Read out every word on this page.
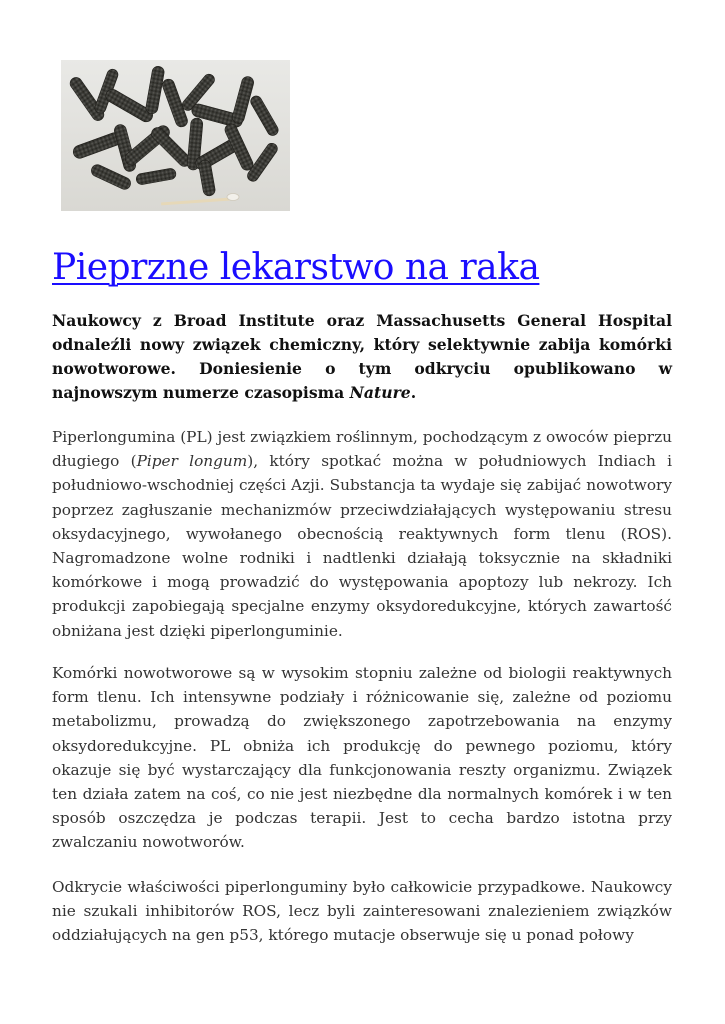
Pieprzne lekarstwo na raka

Naukowcy z Broad Institute oraz Massachusetts General Hospital odnaleźli nowy związek chemiczny, który selektywnie zabija komórki nowotworowe. Doniesienie o tym odkryciu opublikowano w najnowszym numerze czasopisma Nature.

Piperlongumina (PL) jest związkiem roślinnym, pochodzącym z owoców pieprzu długiego (Piper longum), który spotkać można w południowych Indiach i południowo-wschodniej części Azji. Substancja ta wydaje się zabijać nowotwory poprzez zagłuszanie mechanizmów przeciwdziałających występowaniu stresu oksydacyjnego, wywołanego obecnością reaktywnych form tlenu (ROS). Nagromadzone wolne rodniki i nadtlenki działają toksycznie na składniki komórkowe i mogą prowadzić do występowania apoptozy lub nekrozy. Ich produkcji zapobiegają specjalne enzymy oksydoredukcyjne, których zawartość obniżana jest dzięki piperlonguminie.

Komórki nowotworowe są w wysokim stopniu zależne od biologii reaktywnych form tlenu. Ich intensywne podziały i różnicowanie się, zależne od poziomu metabolizmu, prowadzą do zwiększonego zapotrzebowania na enzymy oksydoredukcyjne. PL obniża ich produkcję do pewnego poziomu, który okazuje się być wystarczający dla funkcjonowania reszty organizmu. Związek ten działa zatem na coś, co nie jest niezbędne dla normalnych komórek i w ten sposób oszczędza je podczas terapii. Jest to cecha bardzo istotna przy zwalczaniu nowotworów.

Odkrycie właściwości piperlonguminy było całkowicie przypadkowe. Naukowcy nie szukali inhibitorów ROS, lecz byli zainteresowani znalezieniem związków oddziałujących na gen p53, którego mutacje obserwuje się u ponad połowy
